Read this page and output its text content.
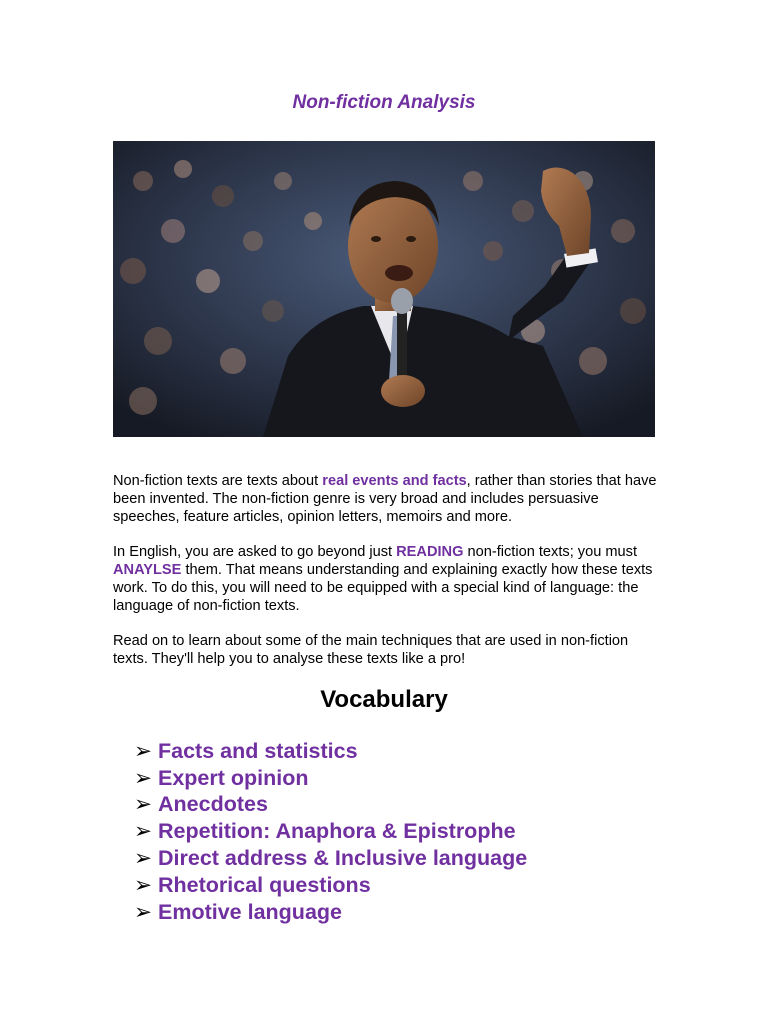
Non-fiction Analysis
Non-fiction texts are texts about real events and facts, rather than stories that have been invented. The non-fiction genre is very broad and includes persuasive speeches, feature articles, opinion letters, memoirs and more.
In English, you are asked to go beyond just READING non-fiction texts; you must ANAYLSE them. That means understanding and explaining exactly how these texts work. To do this, you will need to be equipped with a special kind of language: the language of non-fiction texts.
Read on to learn about some of the main techniques that are used in non-fiction texts. They'll help you to analyse these texts like a pro!
Vocabulary
➢ Facts and statistics
➢ Expert opinion
➢ Anecdotes
➢ Repetition: Anaphora & Epistrophe
➢ Direct address & Inclusive language
➢ Rhetorical questions
➢ Emotive language
